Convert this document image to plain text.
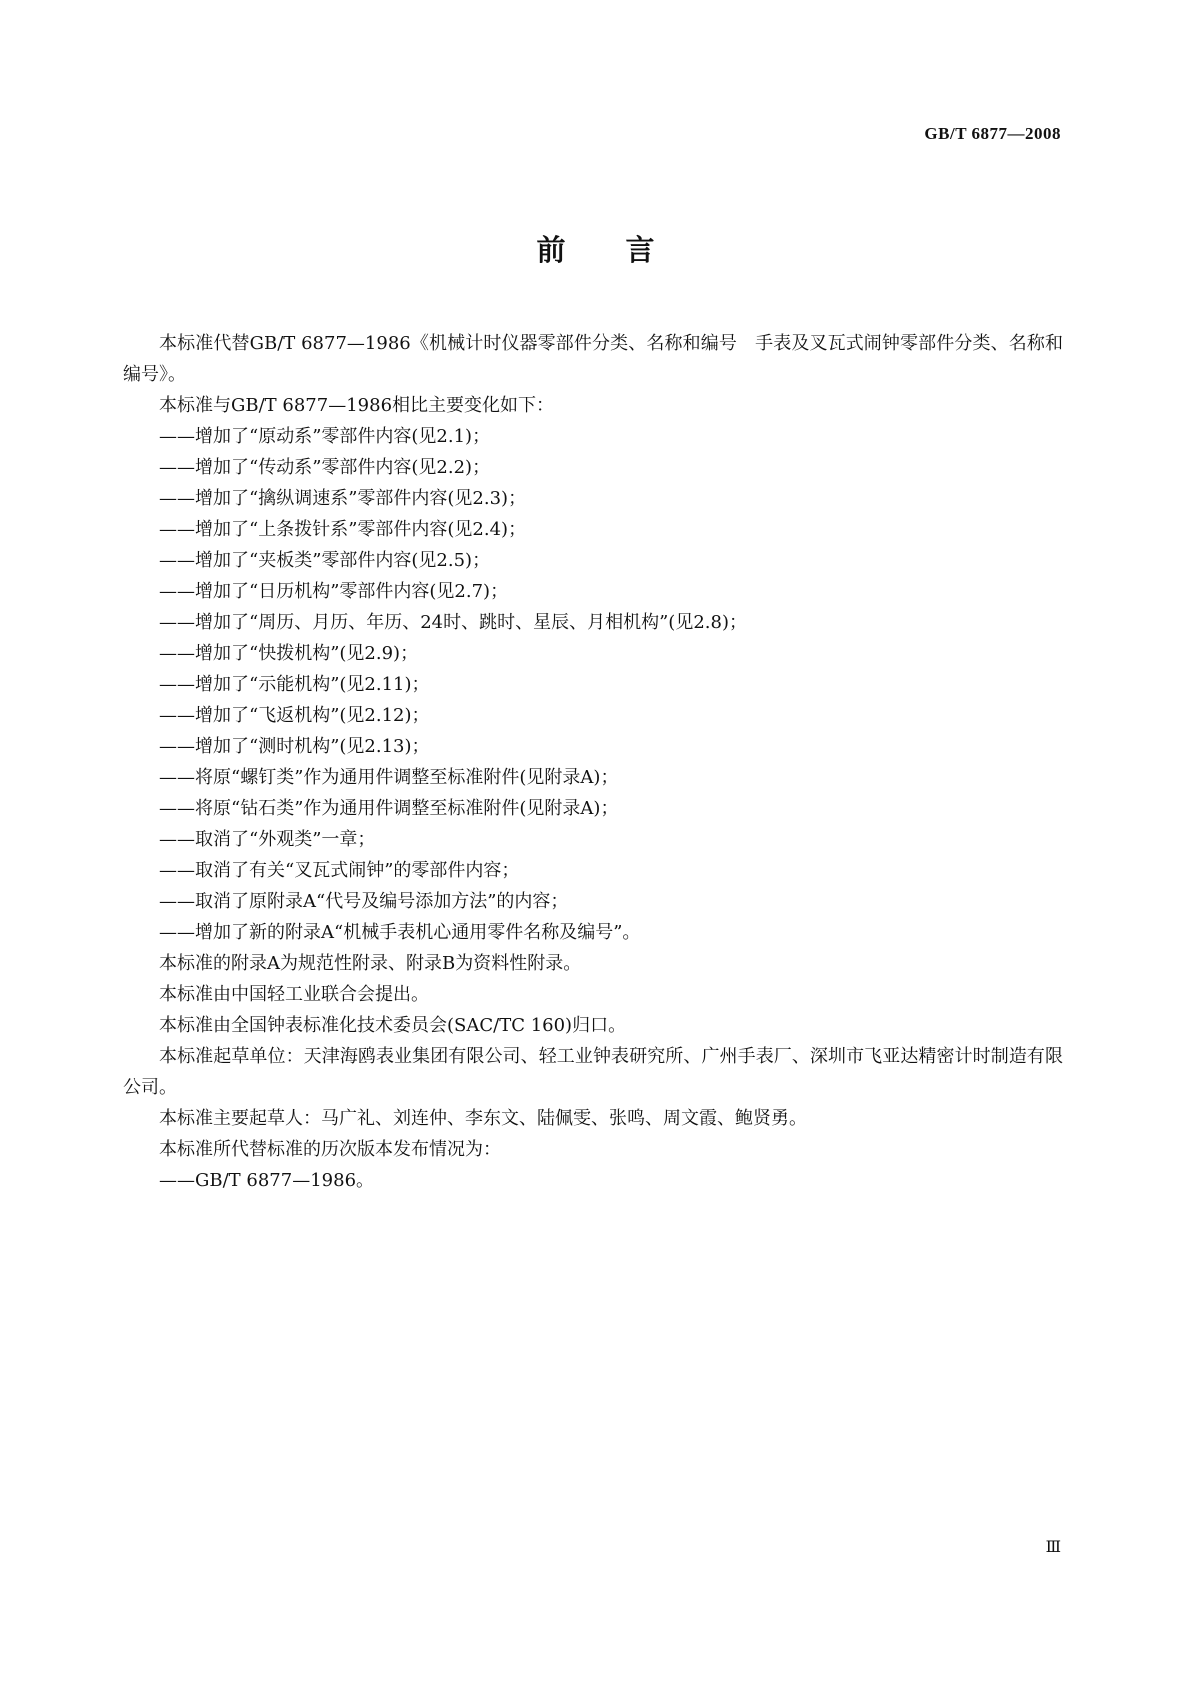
GB/T 6877—2008
前言

本标准代替GB/T 6877—1986《机械计时仪器零部件分类、名称和编号　手表及叉瓦式闹钟零部件分类、名称和编号》。

本标准与GB/T 6877—1986相比主要变化如下：

——增加了“原动系”零部件内容(见2.1)；

——增加了“传动系”零部件内容(见2.2)；

——增加了“擒纵调速系”零部件内容(见2.3)；

——增加了“上条拨针系”零部件内容(见2.4)；

——增加了“夹板类”零部件内容(见2.5)；

——增加了“日历机构”零部件内容(见2.7)；

——增加了“周历、月历、年历、24时、跳时、星辰、月相机构”(见2.8)；

——增加了“快拨机构”(见2.9)；

——增加了“示能机构”(见2.11)；

——增加了“飞返机构”(见2.12)；

——增加了“测时机构”(见2.13)；

——将原“螺钉类”作为通用件调整至标准附件(见附录A)；

——将原“钻石类”作为通用件调整至标准附件(见附录A)；

——取消了“外观类”一章；

——取消了有关“叉瓦式闹钟”的零部件内容；

——取消了原附录A“代号及编号添加方法”的内容；

——增加了新的附录A“机械手表机心通用零件名称及编号”。

本标准的附录A为规范性附录、附录B为资料性附录。

本标准由中国轻工业联合会提出。

本标准由全国钟表标准化技术委员会(SAC/TC 160)归口。

本标准起草单位：天津海鸥表业集团有限公司、轻工业钟表研究所、广州手表厂、深圳市飞亚达精密计时制造有限公司。

本标准主要起草人：马广礼、刘连仲、李东文、陆佩雯、张鸣、周文霞、鲍贤勇。

本标准所代替标准的历次版本发布情况为：

——GB/T 6877—1986。

Ⅲ
